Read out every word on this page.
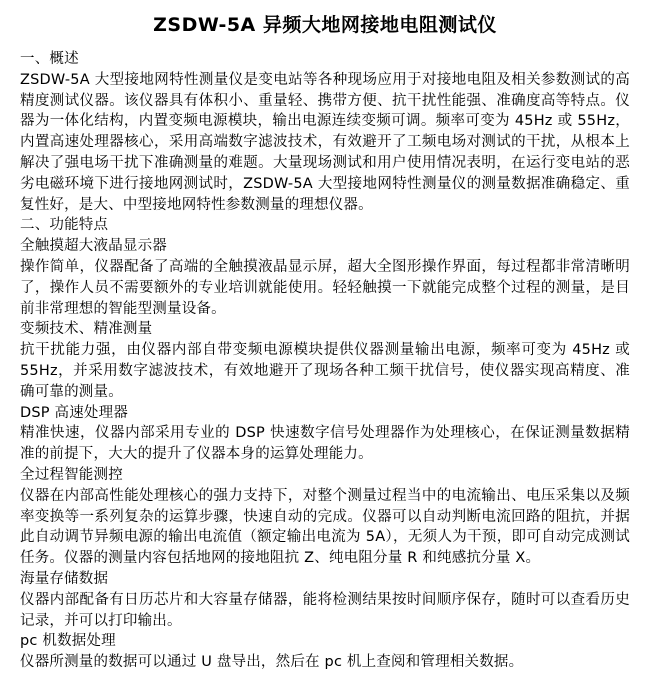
ZSDW-5A 异频大地网接地电阻测试仪
一、概述

ZSDW-5A 大型接地网特性测量仪是变电站等各种现场应用于对接地电阻及相关参数测试的高精度测试仪器。该仪器具有体积小、重量轻、携带方便、抗干扰性能强、准确度高等特点。仪器为一体化结构，内置变频电源模块，输出电源连续变频可调。频率可变为 45Hz 或 55Hz，内置高速处理器核心，采用高端数字滤波技术，有效避开了工频电场对测试的干扰，从根本上解决了强电场干扰下准确测量的难题。大量现场测试和用户使用情况表明，在运行变电站的恶劣电磁环境下进行接地网测试时，ZSDW-5A 大型接地网特性测量仪的测量数据准确稳定、重复性好，是大、中型接地网特性参数测量的理想仪器。

二、功能特点
全触摸超大液晶显示器

操作简单，仪器配备了高端的全触摸液晶显示屏，超大全图形操作界面，每过程都非常清晰明了，操作人员不需要额外的专业培训就能使用。轻轻触摸一下就能完成整个过程的测量，是目前非常理想的智能型测量设备。

变频技术、精准测量

抗干扰能力强，由仪器内部自带变频电源模块提供仪器测量输出电源，频率可变为 45Hz 或 55Hz，并采用数字滤波技术，有效地避开了现场各种工频干扰信号，使仪器实现高精度、准确可靠的测量。

DSP 高速处理器

精准快速，仪器内部采用专业的 DSP 快速数字信号处理器作为处理核心，在保证测量数据精准的前提下，大大的提升了仪器本身的运算处理能力。

全过程智能测控

仪器在内部高性能处理核心的强力支持下，对整个测量过程当中的电流输出、电压采集以及频率变换等一系列复杂的运算步骤，快速自动的完成。仪器可以自动判断电流回路的阻抗，并据此自动调节异频电源的输出电流值（额定输出电流为 5A），无须人为干预，即可自动完成测试任务。仪器的测量内容包括地网的接地阻抗 Z、纯电阻分量 R 和纯感抗分量 X。

海量存储数据

仪器内部配备有日历芯片和大容量存储器，能将检测结果按时间顺序保存，随时可以查看历史记录，并可以打印输出。

pc 机数据处理

仪器所测量的数据可以通过 U 盘导出，然后在 pc 机上查阅和管理相关数据。
